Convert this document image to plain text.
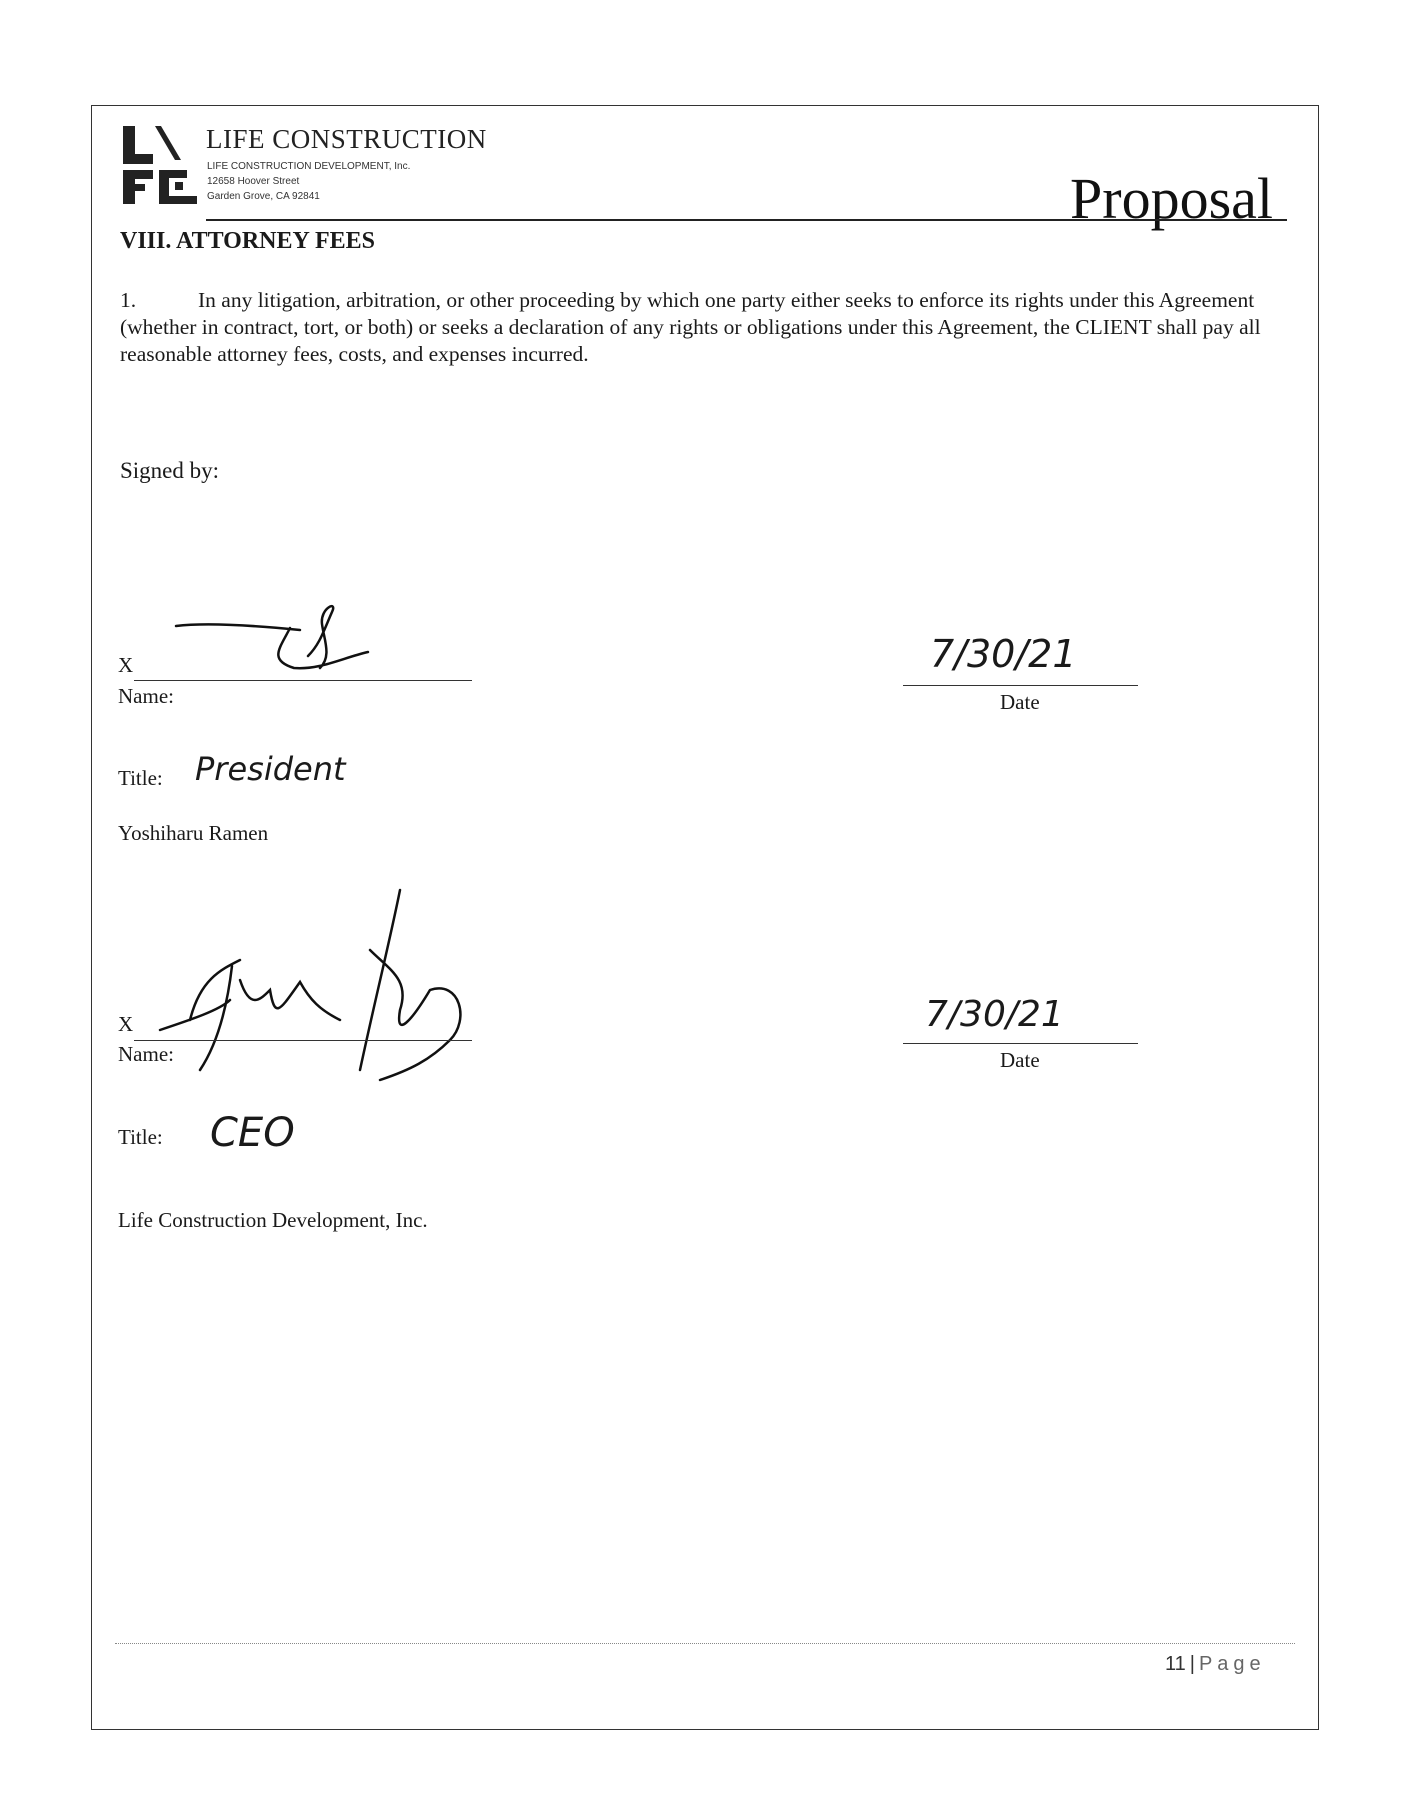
LIFE CONSTRUCTION
LIFE CONSTRUCTION DEVELOPMENT, Inc.
12658 Hoover Street
Garden Grove, CA 92841	Proposal
VIII. ATTORNEY FEES
1.	In any litigation, arbitration, or other proceeding by which one party either seeks to enforce its rights under this Agreement (whether in contract, tort, or both) or seeks a declaration of any rights or obligations under this Agreement, the CLIENT shall pay all reasonable attorney fees, costs, and expenses incurred.
Signed by:
X
Name:
7/30/21
Date
Title: President
Yoshiharu Ramen
X
Name:
7/30/21
Date
Title: CEO
Life Construction Development, Inc.
11 | Page
